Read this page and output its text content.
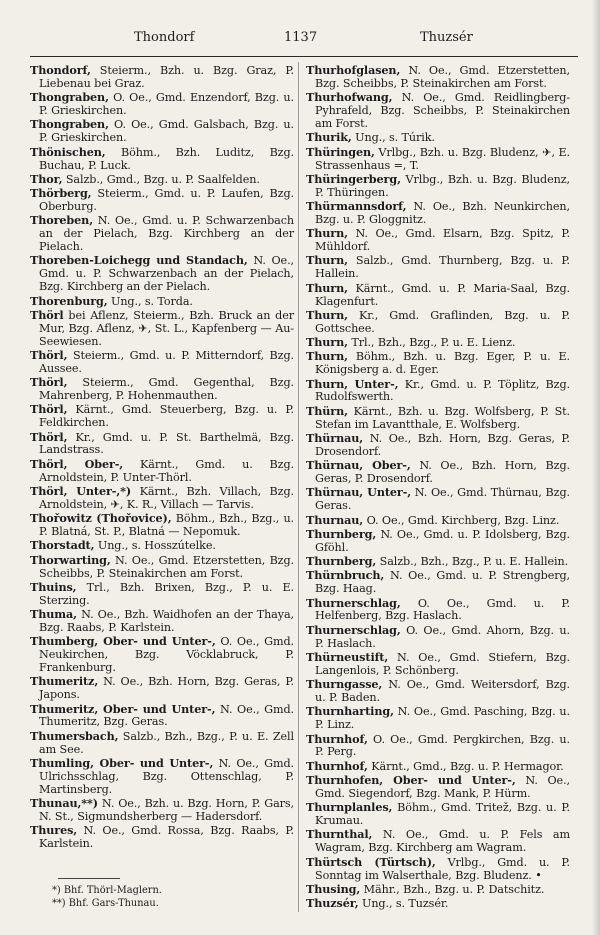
Thondorf	1137	Thuzsér

Thondorf, Steierm., Bzh. u. Bzg. Graz, P. Liebenau bei Graz.

Thongraben, O. Oe., Gmd. Enzendorf, Bzg. u. P. Grieskirchen.

Thongraben, O. Oe., Gmd. Galsbach, Bzg. u. P. Grieskirchen.

Thönischen, Böhm., Bzh. Luditz, Bzg. Buchau, P. Luck.

Thor, Salzb., Gmd., Bzg. u. P. Saalfelden.

Thörberg, Steierm., Gmd. u. P. Laufen, Bzg. Oberburg.

Thoreben, N. Oe., Gmd. u. P. Schwarzenbach an der Pielach, Bzg. Kirchberg an der Pielach.

Thoreben-Loichegg und Standach, N. Oe., Gmd. u. P. Schwarzenbach an der Pielach, Bzg. Kirchberg an der Pielach.

Thorenburg, Ung., s. Torda.

Thörl bei Aflenz, Steierm., Bzh. Bruck an der Mur, Bzg. Aflenz, ✈, St. L., Kapfenberg — Au-Seewiesen.

Thörl, Steierm., Gmd. u. P. Mitterndorf, Bzg. Aussee.

Thörl, Steierm., Gmd. Gegenthal, Bzg. Mahrenberg, P. Hohenmauthen.

Thörl, Kärnt., Gmd. Steuerberg, Bzg. u. P. Feldkirchen.

Thörl, Kr., Gmd. u. P. St. Barthelmä, Bzg. Landstrass.

Thörl, Ober-, Kärnt., Gmd. u. Bzg. Arnoldstein, P. Unter-Thörl.

Thörl, Unter-,*) Kärnt., Bzh. Villach, Bzg. Arnoldstein, ✈, K. R., Villach — Tarvis.

Thořowitz (Thořovice), Böhm., Bzh., Bzg., u. P. Blatná, St. P., Blatná — Nepomuk.

Thorstadt, Ung., s. Hosszútelke.

Thorwarting, N. Oe., Gmd. Etzerstetten, Bzg. Scheibbs, P. Steinakirchen am Forst.

Thuins, Trl., Bzh. Brixen, Bzg., P. u. E. Sterzing.

Thuma, N. Oe., Bzh. Waidhofen an der Thaya, Bzg. Raabs, P. Karlstein.

Thumberg, Ober- und Unter-, O. Oe., Gmd. Neukirchen, Bzg. Vöcklabruck, P. Frankenburg.

Thumeritz, N. Oe., Bzh. Horn, Bzg. Geras, P. Japons.

Thumeritz, Ober- und Unter-, N. Oe., Gmd. Thumeritz, Bzg. Geras.

Thumersbach, Salzb., Bzh., Bzg., P. u. E. Zell am See.

Thumling, Ober- und Unter-, N. Oe., Gmd. Ulrichsschlag, Bzg. Ottenschlag, P. Martinsberg.

Thunau,**) N. Oe., Bzh. u. Bzg. Horn, P. Gars, N. St., Sigmundsherberg — Hadersdorf.

Thures, N. Oe., Gmd. Rossa, Bzg. Raabs, P. Karlstein.

Thurhofglasen, N. Oe., Gmd. Etzerstetten, Bzg. Scheibbs, P. Steinakirchen am Forst.

Thurhofwang, N. Oe., Gmd. Reidlingberg-Pyhrafeld, Bzg. Scheibbs, P. Steinakirchen am Forst.

Thurik, Ung., s. Túrik.

Thüringen, Vrlbg., Bzh. u. Bzg. Bludenz, ✈, E. Strassenhaus =, T.

Thüringerberg, Vrlbg., Bzh. u. Bzg. Bludenz, P. Thüringen.

Thürmannsdorf, N. Oe., Bzh. Neunkirchen, Bzg. u. P. Gloggnitz.

Thurn, N. Oe., Gmd. Elsarn, Bzg. Spitz, P. Mühldorf.

Thurn, Salzb., Gmd. Thurnberg, Bzg. u. P. Hallein.

Thurn, Kärnt., Gmd. u. P. Maria-Saal, Bzg. Klagenfurt.

Thurn, Kr., Gmd. Graflinden, Bzg. u. P. Gottschee.

Thurn, Trl., Bzh., Bzg., P. u. E. Lienz.

Thurn, Böhm., Bzh. u. Bzg. Eger, P. u. E. Königsberg a. d. Eger.

Thurn, Unter-, Kr., Gmd. u. P. Töplitz, Bzg. Rudolfswerth.

Thürn, Kärnt., Bzh. u. Bzg. Wolfsberg, P. St. Stefan im Lavantthale, E. Wolfsberg.

Thürnau, N. Oe., Bzh. Horn, Bzg. Geras, P. Drosendorf.

Thürnau, Ober-, N. Oe., Bzh. Horn, Bzg. Geras, P. Drosendorf.

Thürnau, Unter-, N. Oe., Gmd. Thürnau, Bzg. Geras.

Thurnau, O. Oe., Gmd. Kirchberg, Bzg. Linz.

Thurnberg, N. Oe., Gmd. u. P. Idolsberg, Bzg. Gföhl.

Thurnberg, Salzb., Bzh., Bzg., P. u. E. Hallein.

Thürnbruch, N. Oe., Gmd. u. P. Strengberg, Bzg. Haag.

Thurnerschlag, O. Oe., Gmd. u. P. Helfenberg, Bzg. Haslach.

Thurnerschlag, O. Oe., Gmd. Ahorn, Bzg. u. P. Haslach.

Thürneustift, N. Oe., Gmd. Stiefern, Bzg. Langenlois, P. Schönberg.

Thurngasse, N. Oe., Gmd. Weitersdorf, Bzg. u. P. Baden.

Thurnharting, N. Oe., Gmd. Pasching, Bzg. u. P. Linz.

Thurnhof, O. Oe., Gmd. Pergkirchen, Bzg. u. P. Perg.

Thurnhof, Kärnt., Gmd., Bzg. u. P. Hermagor.

Thurnhofen, Ober- und Unter-, N. Oe., Gmd. Siegendorf, Bzg. Mank, P. Hürm.

Thurnplanles, Böhm., Gmd. Tritež, Bzg. u. P. Krumau.

Thurnthal, N. Oe., Gmd. u. P. Fels am Wagram, Bzg. Kirchberg am Wagram.

Thürtsch (Türtsch), Vrlbg., Gmd. u. P. Sonntag im Walserthale, Bzg. Bludenz. •

Thusing, Mähr., Bzh., Bzg. u. P. Datschitz.

Thuzsér, Ung., s. Tuzsér.

*) Bhf. Thörl-Maglern.

**) Bhf. Gars-Thunau.
